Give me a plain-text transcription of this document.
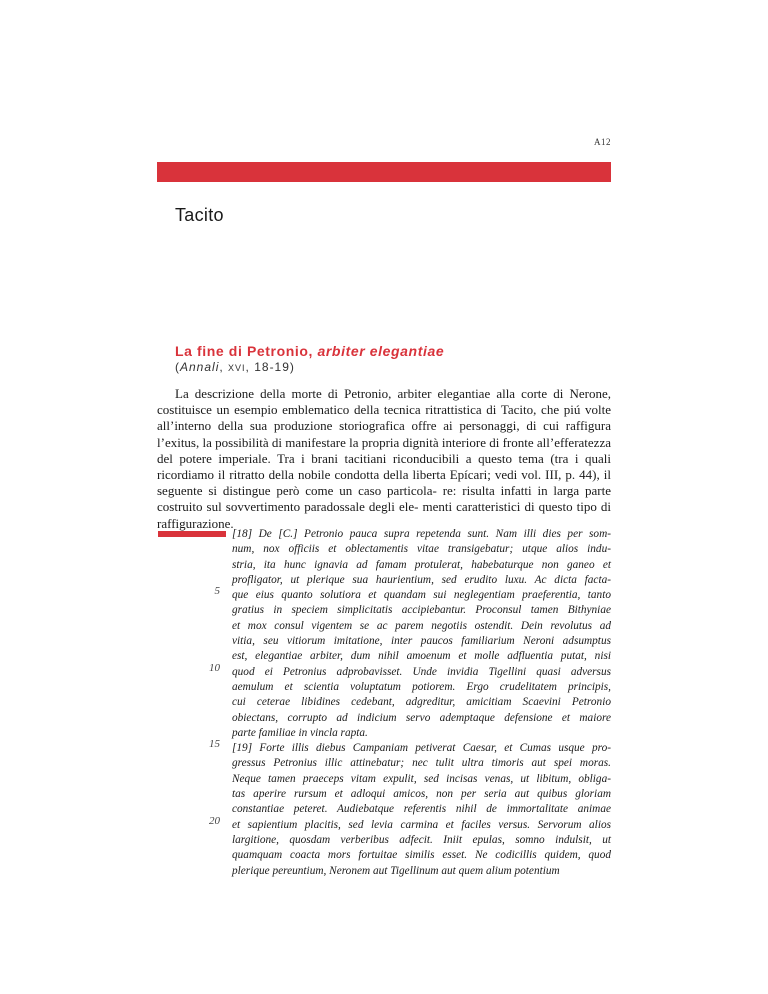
A12
Tacito
La fine di Petronio, arbiter elegantiae
(Annali, XVI, 18-19)

La descrizione della morte di Petronio, arbiter elegantiae alla corte di Nerone, costituisce un esempio emblematico della tecnica ritrattistica di Tacito, che piú volte all’interno della sua produzione storiografica offre ai personaggi, di cui raffigura l’exitus, la possibilità di manifestare la propria dignità interiore di fronte all’efferatezza del potere imperiale. Tra i brani tacitiani riconducibili a questo tema (tra i quali ricordiamo il ritratto della nobile condotta della liberta Epícari; vedi vol. III, p. 44), il seguente si distingue però come un caso particola- re: risulta infatti in larga parte costruito sul sovvertimento paradossale degli ele- menti caratteristici di questo tipo di raffigurazione.

5
10
15
20
[18] De [C.] Petronio pauca supra repetenda sunt. Nam illi dies per som-
num, nox officiis et oblectamentis vitae transigebatur; utque alios indu-
stria, ita hunc ignavia ad famam protulerat, habebaturque non ganeo et
profligator, ut plerique sua haurientium, sed erudito luxu. Ac dicta facta-
que eius quanto solutiora et quandam sui neglegentiam praeferentia, tanto
gratius in speciem simplicitatis accipiebantur. Proconsul tamen Bithyniae
et mox consul vigentem se ac parem negotiis ostendit. Dein revolutus ad
vitia, seu vitiorum imitatione, inter paucos familiarium Neroni adsumptus
est, elegantiae arbiter, dum nihil amoenum et molle adfluentia putat, nisi
quod ei Petronius adprobavisset. Unde invidia Tigellini quasi adversus
aemulum et scientia voluptatum potiorem. Ergo crudelitatem principis,
cui ceterae libidines cedebant, adgreditur, amicitiam Scaevini Petronio
obiectans, corrupto ad indicium servo ademptaque defensione et maiore
parte familiae in vincla rapta.
[19] Forte illis diebus Campaniam petiverat Caesar, et Cumas usque pro-
gressus Petronius illic attinebatur; nec tulit ultra timoris aut spei moras.
Neque tamen praeceps vitam expulit, sed incisas venas, ut libitum, obliga-
tas aperire rursum et adloqui amicos, non per seria aut quibus gloriam
constantiae peteret. Audiebatque referentis nihil de immortalitate animae
et sapientium placitis, sed levia carmina et faciles versus. Servorum alios
largitione, quosdam verberibus adfecit. Iniit epulas, somno indulsit, ut
quamquam coacta mors fortuitae similis esset. Ne codicillis quidem, quod
plerique pereuntium, Neronem aut Tigellinum aut quem alium potentium
